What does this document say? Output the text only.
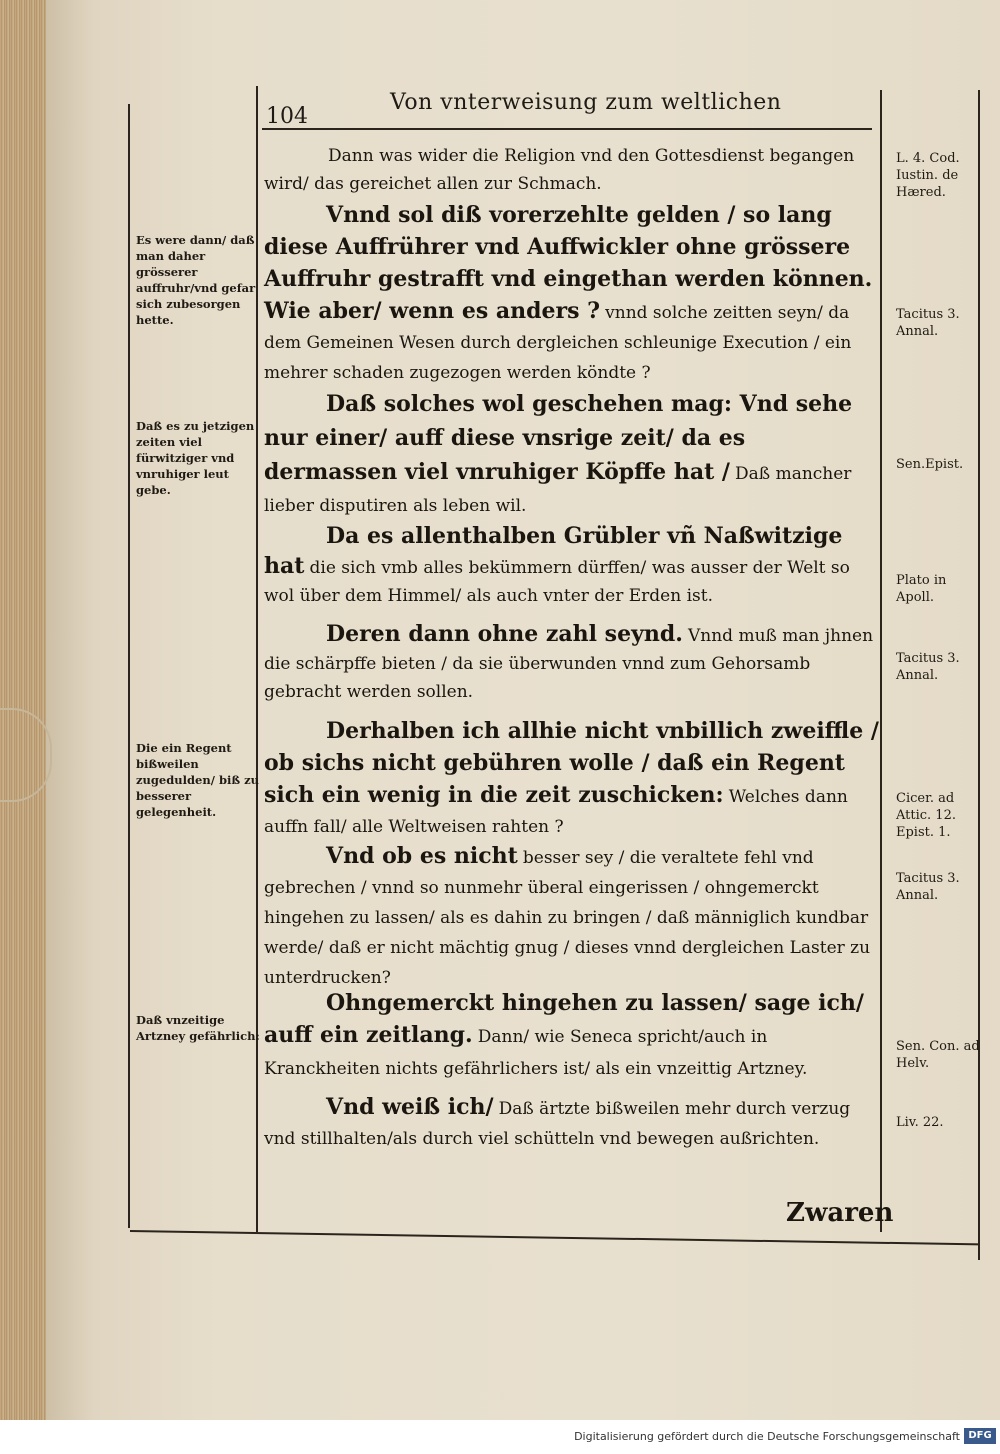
104
Von vnterweisung zum weltlichen

Dann was wider die Religion vnd den Gottesdienst begangen wird/ das gereichet allen zur Schmach.

Vnnd sol diß vorerzehlte gelden / so lang diese Auffrührer vnd Auffwickler ohne grössere Auffruhr gestrafft vnd eingethan werden können. Wie aber/ wenn es anders ? vnnd solche zeitten seyn/ da dem Gemeinen Wesen durch dergleichen schleunige Execution / ein mehrer schaden zugezogen werden köndte ?

Daß solches wol geschehen mag: Vnd sehe nur einer/ auff diese vnsrige zeit/ da es dermassen viel vnruhiger Köpffe hat / Daß mancher lieber disputiren als leben wil.

Da es allenthalben Grübler vñ Naßwitzige hat die sich vmb alles bekümmern dürffen/ was ausser der Welt so wol über dem Himmel/ als auch vnter der Erden ist.

Deren dann ohne zahl seynd. Vnnd muß man jhnen die schärpffe bieten / da sie überwunden vnnd zum Gehorsamb gebracht werden sollen.

Derhalben ich allhie nicht vnbillich zweiffle / ob sichs nicht gebühren wolle / daß ein Regent sich ein wenig in die zeit zuschicken: Welches dann auffn fall/ alle Weltweisen rahten ?

Vnd ob es nicht besser sey / die veraltete fehl vnd gebrechen / vnnd so nunmehr überal eingerissen / ohngemerckt hingehen zu lassen/ als es dahin zu bringen / daß männiglich kundbar werde/ daß er nicht mächtig gnug / dieses vnnd dergleichen Laster zu unterdrucken?

Ohngemerckt hingehen zu lassen/ sage ich/ auff ein zeitlang. Dann/ wie Seneca spricht/auch in Kranckheiten nichts gefährlichers ist/ als ein vnzeittig Artzney.

Vnd weiß ich/ Daß ärtzte bißweilen mehr durch verzug vnd stillhalten/als durch viel schütteln vnd bewegen außrichten.

Es were dann/ daß man daher grösserer auffruhr/vnd gefar sich zubesorgen hette.
Daß es zu jetzigen zeiten viel fürwitziger vnd vnruhiger leut gebe.
Die ein Regent bißweilen zugedulden/ biß zu besserer gelegenheit.
Daß vnzeitige Artzney gefährlich:
L. 4. Cod. Iustin. de Hæred.
Tacitus 3. Annal.
Sen.Epist.
Plato in Apoll.
Tacitus 3. Annal.
Cicer. ad Attic. 12. Epist. 1.
Tacitus 3. Annal.
Sen. Con. ad Helv.
Liv. 22.
Zwaren
Digitalisierung gefördert durch die Deutsche Forschungsgemeinschaft DFG
